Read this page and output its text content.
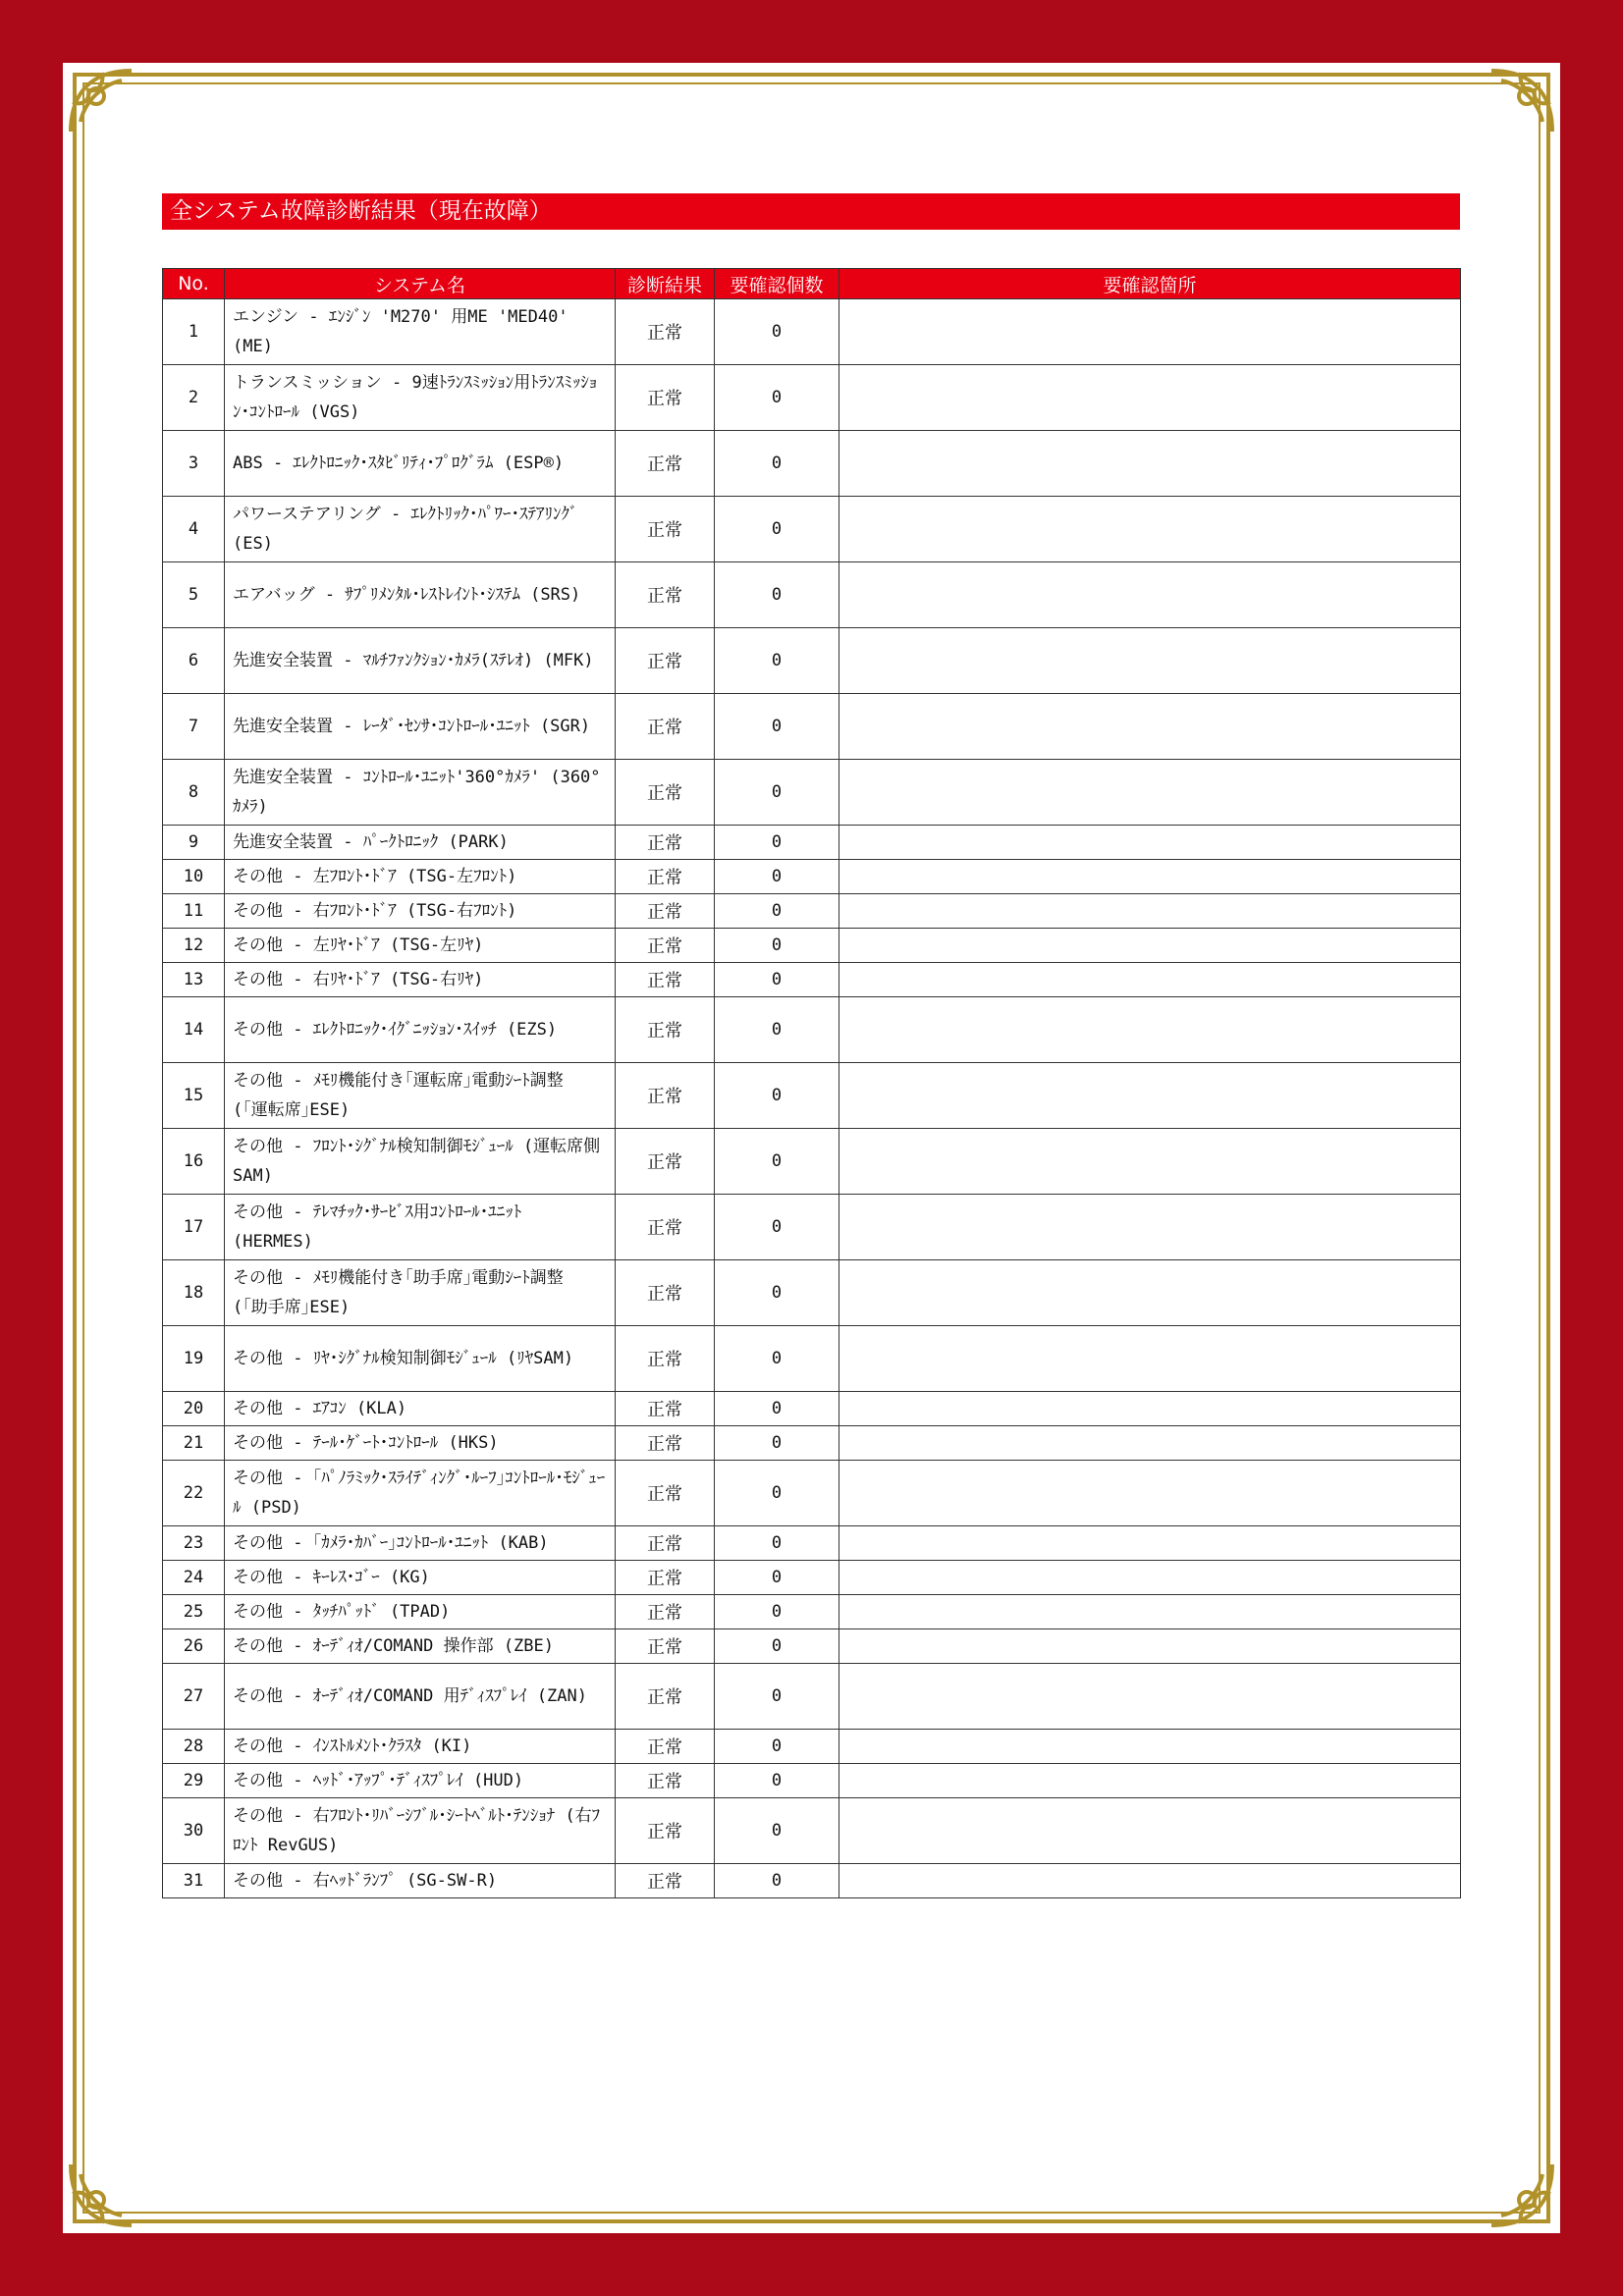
全システム故障診断結果（現在故障）
No.	システム名	診断結果	要確認個数	要確認箇所
1	エンジン - ｴﾝｼﾞﾝ 'M270' 用ME 'MED40' (ME)	正常	0	
2	トランスミッション - 9速ﾄﾗﾝｽﾐｯｼｮﾝ用ﾄﾗﾝｽﾐｯｼｮﾝ･ｺﾝﾄﾛｰﾙ (VGS)	正常	0	
3	ABS - ｴﾚｸﾄﾛﾆｯｸ･ｽﾀﾋﾞﾘﾃｨ･ﾌﾟﾛｸﾞﾗﾑ (ESP®)	正常	0	
4	パワーステアリング - ｴﾚｸﾄﾘｯｸ･ﾊﾟﾜｰ･ｽﾃｱﾘﾝｸﾞ (ES)	正常	0	
5	エアバッグ - ｻﾌﾟﾘﾒﾝﾀﾙ･ﾚｽﾄﾚｲﾝﾄ･ｼｽﾃﾑ (SRS)	正常	0	
6	先進安全装置 - ﾏﾙﾁﾌｧﾝｸｼｮﾝ･ｶﾒﾗ(ｽﾃﾚｵ) (MFK)	正常	0	
7	先進安全装置 - ﾚｰﾀﾞ･ｾﾝｻ･ｺﾝﾄﾛｰﾙ･ﾕﾆｯﾄ (SGR)	正常	0	
8	先進安全装置 - ｺﾝﾄﾛｰﾙ･ﾕﾆｯﾄ'360°ｶﾒﾗ' (360°ｶﾒﾗ)	正常	0	
9	先進安全装置 - ﾊﾟｰｸﾄﾛﾆｯｸ (PARK)	正常	0	
10	その他 - 左ﾌﾛﾝﾄ･ﾄﾞｱ (TSG-左ﾌﾛﾝﾄ)	正常	0	
11	その他 - 右ﾌﾛﾝﾄ･ﾄﾞｱ (TSG-右ﾌﾛﾝﾄ)	正常	0	
12	その他 - 左ﾘﾔ･ﾄﾞｱ (TSG-左ﾘﾔ)	正常	0	
13	その他 - 右ﾘﾔ･ﾄﾞｱ (TSG-右ﾘﾔ)	正常	0	
14	その他 - ｴﾚｸﾄﾛﾆｯｸ･ｲｸﾞﾆｯｼｮﾝ･ｽｲｯﾁ (EZS)	正常	0	
15	その他 - ﾒﾓﾘ機能付き｢運転席｣電動ｼｰﾄ調整 (｢運転席｣ESE)	正常	0	
16	その他 - ﾌﾛﾝﾄ･ｼｸﾞﾅﾙ検知制御ﾓｼﾞｭｰﾙ (運転席側SAM)	正常	0	
17	その他 - ﾃﾚﾏﾁｯｸ･ｻｰﾋﾞｽ用ｺﾝﾄﾛｰﾙ･ﾕﾆｯﾄ (HERMES)	正常	0	
18	その他 - ﾒﾓﾘ機能付き｢助手席｣電動ｼｰﾄ調整 (｢助手席｣ESE)	正常	0	
19	その他 - ﾘﾔ･ｼｸﾞﾅﾙ検知制御ﾓｼﾞｭｰﾙ (ﾘﾔSAM)	正常	0	
20	その他 - ｴｱｺﾝ (KLA)	正常	0	
21	その他 - ﾃｰﾙ･ｹﾞｰﾄ･ｺﾝﾄﾛｰﾙ (HKS)	正常	0	
22	その他 - ｢ﾊﾟﾉﾗﾐｯｸ･ｽﾗｲﾃﾞｨﾝｸﾞ･ﾙｰﾌ｣ｺﾝﾄﾛｰﾙ･ﾓｼﾞｭｰﾙ (PSD)	正常	0	
23	その他 - ｢ｶﾒﾗ･ｶﾊﾞｰ｣ｺﾝﾄﾛｰﾙ･ﾕﾆｯﾄ (KAB)	正常	0	
24	その他 - ｷｰﾚｽ･ｺﾞｰ (KG)	正常	0	
25	その他 - ﾀｯﾁﾊﾟｯﾄﾞ (TPAD)	正常	0	
26	その他 - ｵｰﾃﾞｨｵ/COMAND 操作部 (ZBE)	正常	0	
27	その他 - ｵｰﾃﾞｨｵ/COMAND 用ﾃﾞｨｽﾌﾟﾚｲ (ZAN)	正常	0	
28	その他 - ｲﾝｽﾄﾙﾒﾝﾄ･ｸﾗｽﾀ (KI)	正常	0	
29	その他 - ﾍｯﾄﾞ･ｱｯﾌﾟ･ﾃﾞｨｽﾌﾟﾚｲ (HUD)	正常	0	
30	その他 - 右ﾌﾛﾝﾄ･ﾘﾊﾞｰｼﾌﾞﾙ･ｼｰﾄﾍﾞﾙﾄ･ﾃﾝｼｮﾅ (右ﾌﾛﾝﾄ RevGUS)	正常	0	
31	その他 - 右ﾍｯﾄﾞﾗﾝﾌﾟ (SG-SW-R)	正常	0	
